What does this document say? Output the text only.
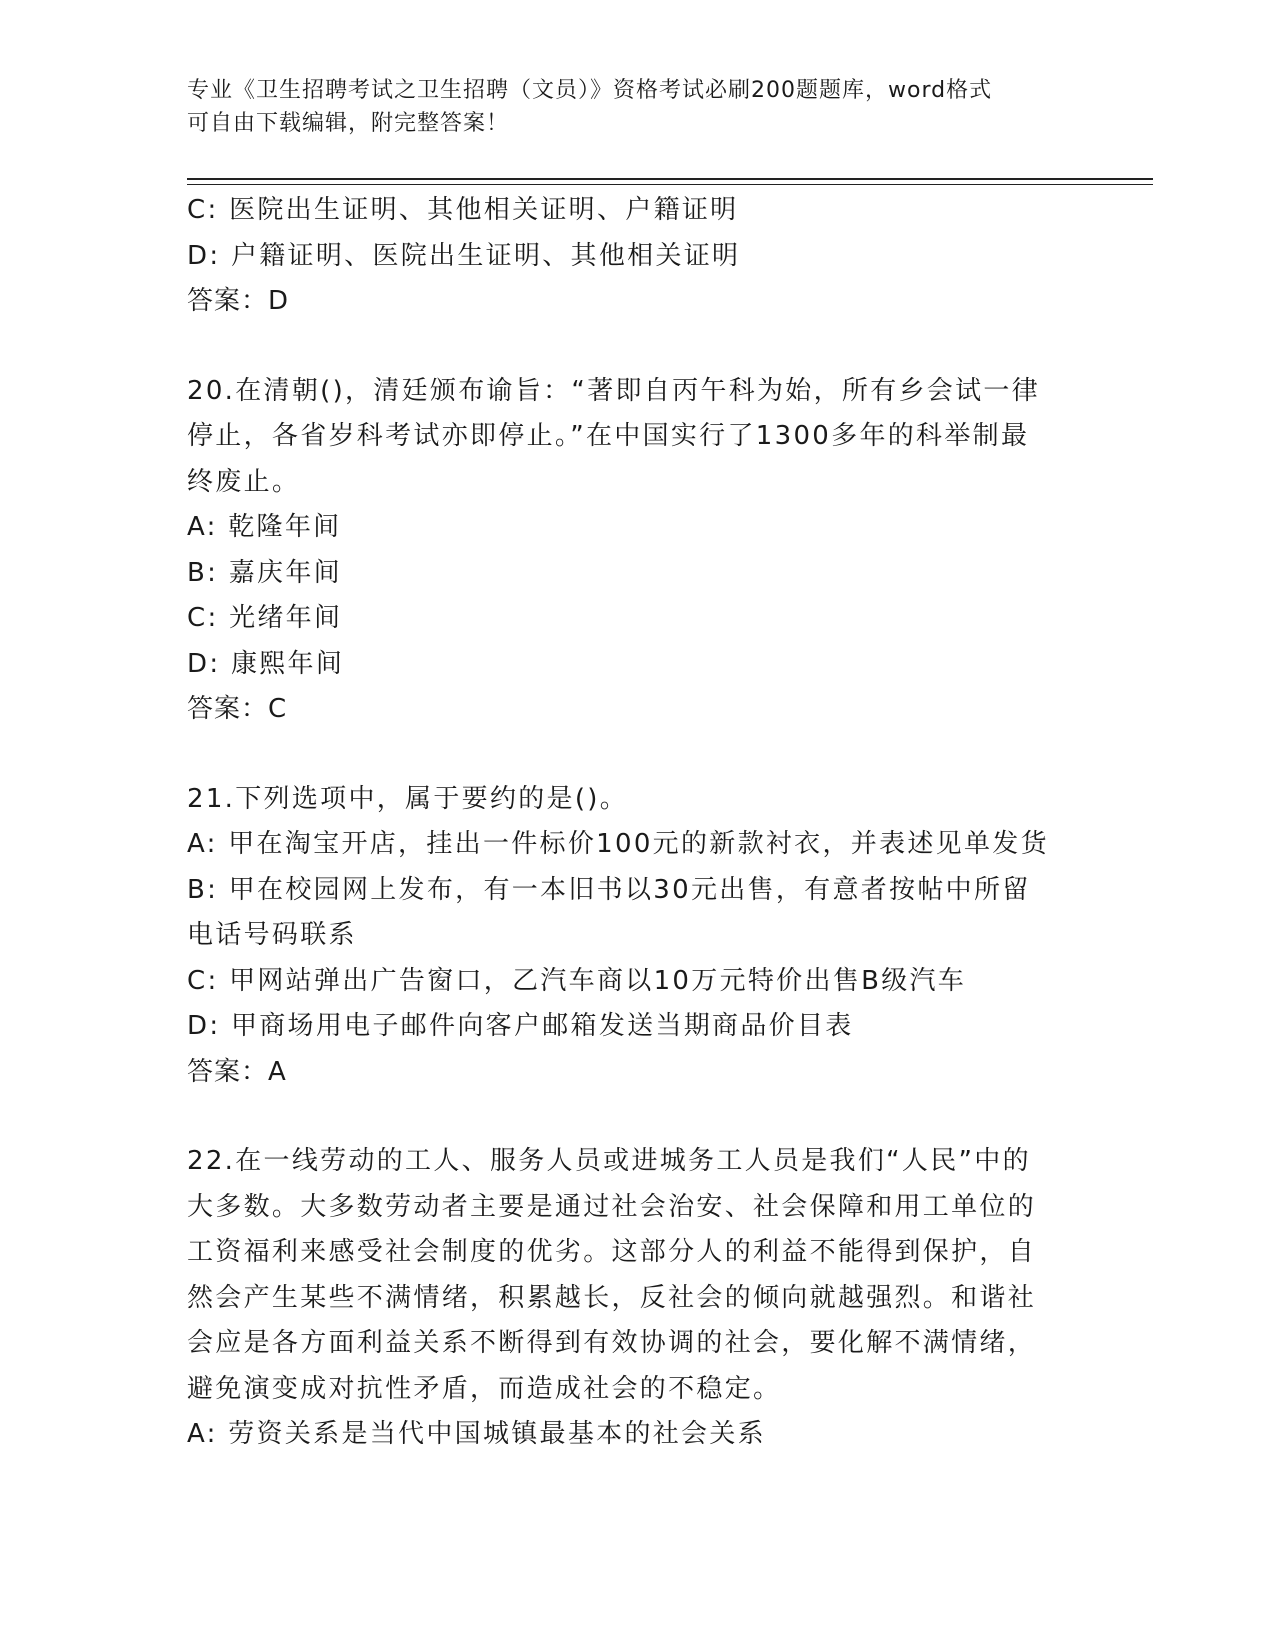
专业《卫生招聘考试之卫生招聘（文员）》资格考试必刷200题题库，word格式
可自由下载编辑，附完整答案！

C: 医院出生证明、其他相关证明、户籍证明

D: 户籍证明、医院出生证明、其他相关证明

答案：D

20.在清朝()，清廷颁布谕旨：“著即自丙午科为始，所有乡会试一律

停止，各省岁科考试亦即停止。”在中国实行了1300多年的科举制最

终废止。

A: 乾隆年间

B: 嘉庆年间

C: 光绪年间

D: 康熙年间

答案：C

21.下列选项中，属于要约的是()。

A: 甲在淘宝开店，挂出一件标价100元的新款衬衣，并表述见单发货

B: 甲在校园网上发布，有一本旧书以30元出售，有意者按帖中所留

电话号码联系

C: 甲网站弹出广告窗口，乙汽车商以10万元特价出售B级汽车

D: 甲商场用电子邮件向客户邮箱发送当期商品价目表

答案：A

22.在一线劳动的工人、服务人员或进城务工人员是我们“人民”中的

大多数。大多数劳动者主要是通过社会治安、社会保障和用工单位的

工资福利来感受社会制度的优劣。这部分人的利益不能得到保护，自

然会产生某些不满情绪，积累越长，反社会的倾向就越强烈。和谐社

会应是各方面利益关系不断得到有效协调的社会，要化解不满情绪，

避免演变成对抗性矛盾，而造成社会的不稳定。

A: 劳资关系是当代中国城镇最基本的社会关系
